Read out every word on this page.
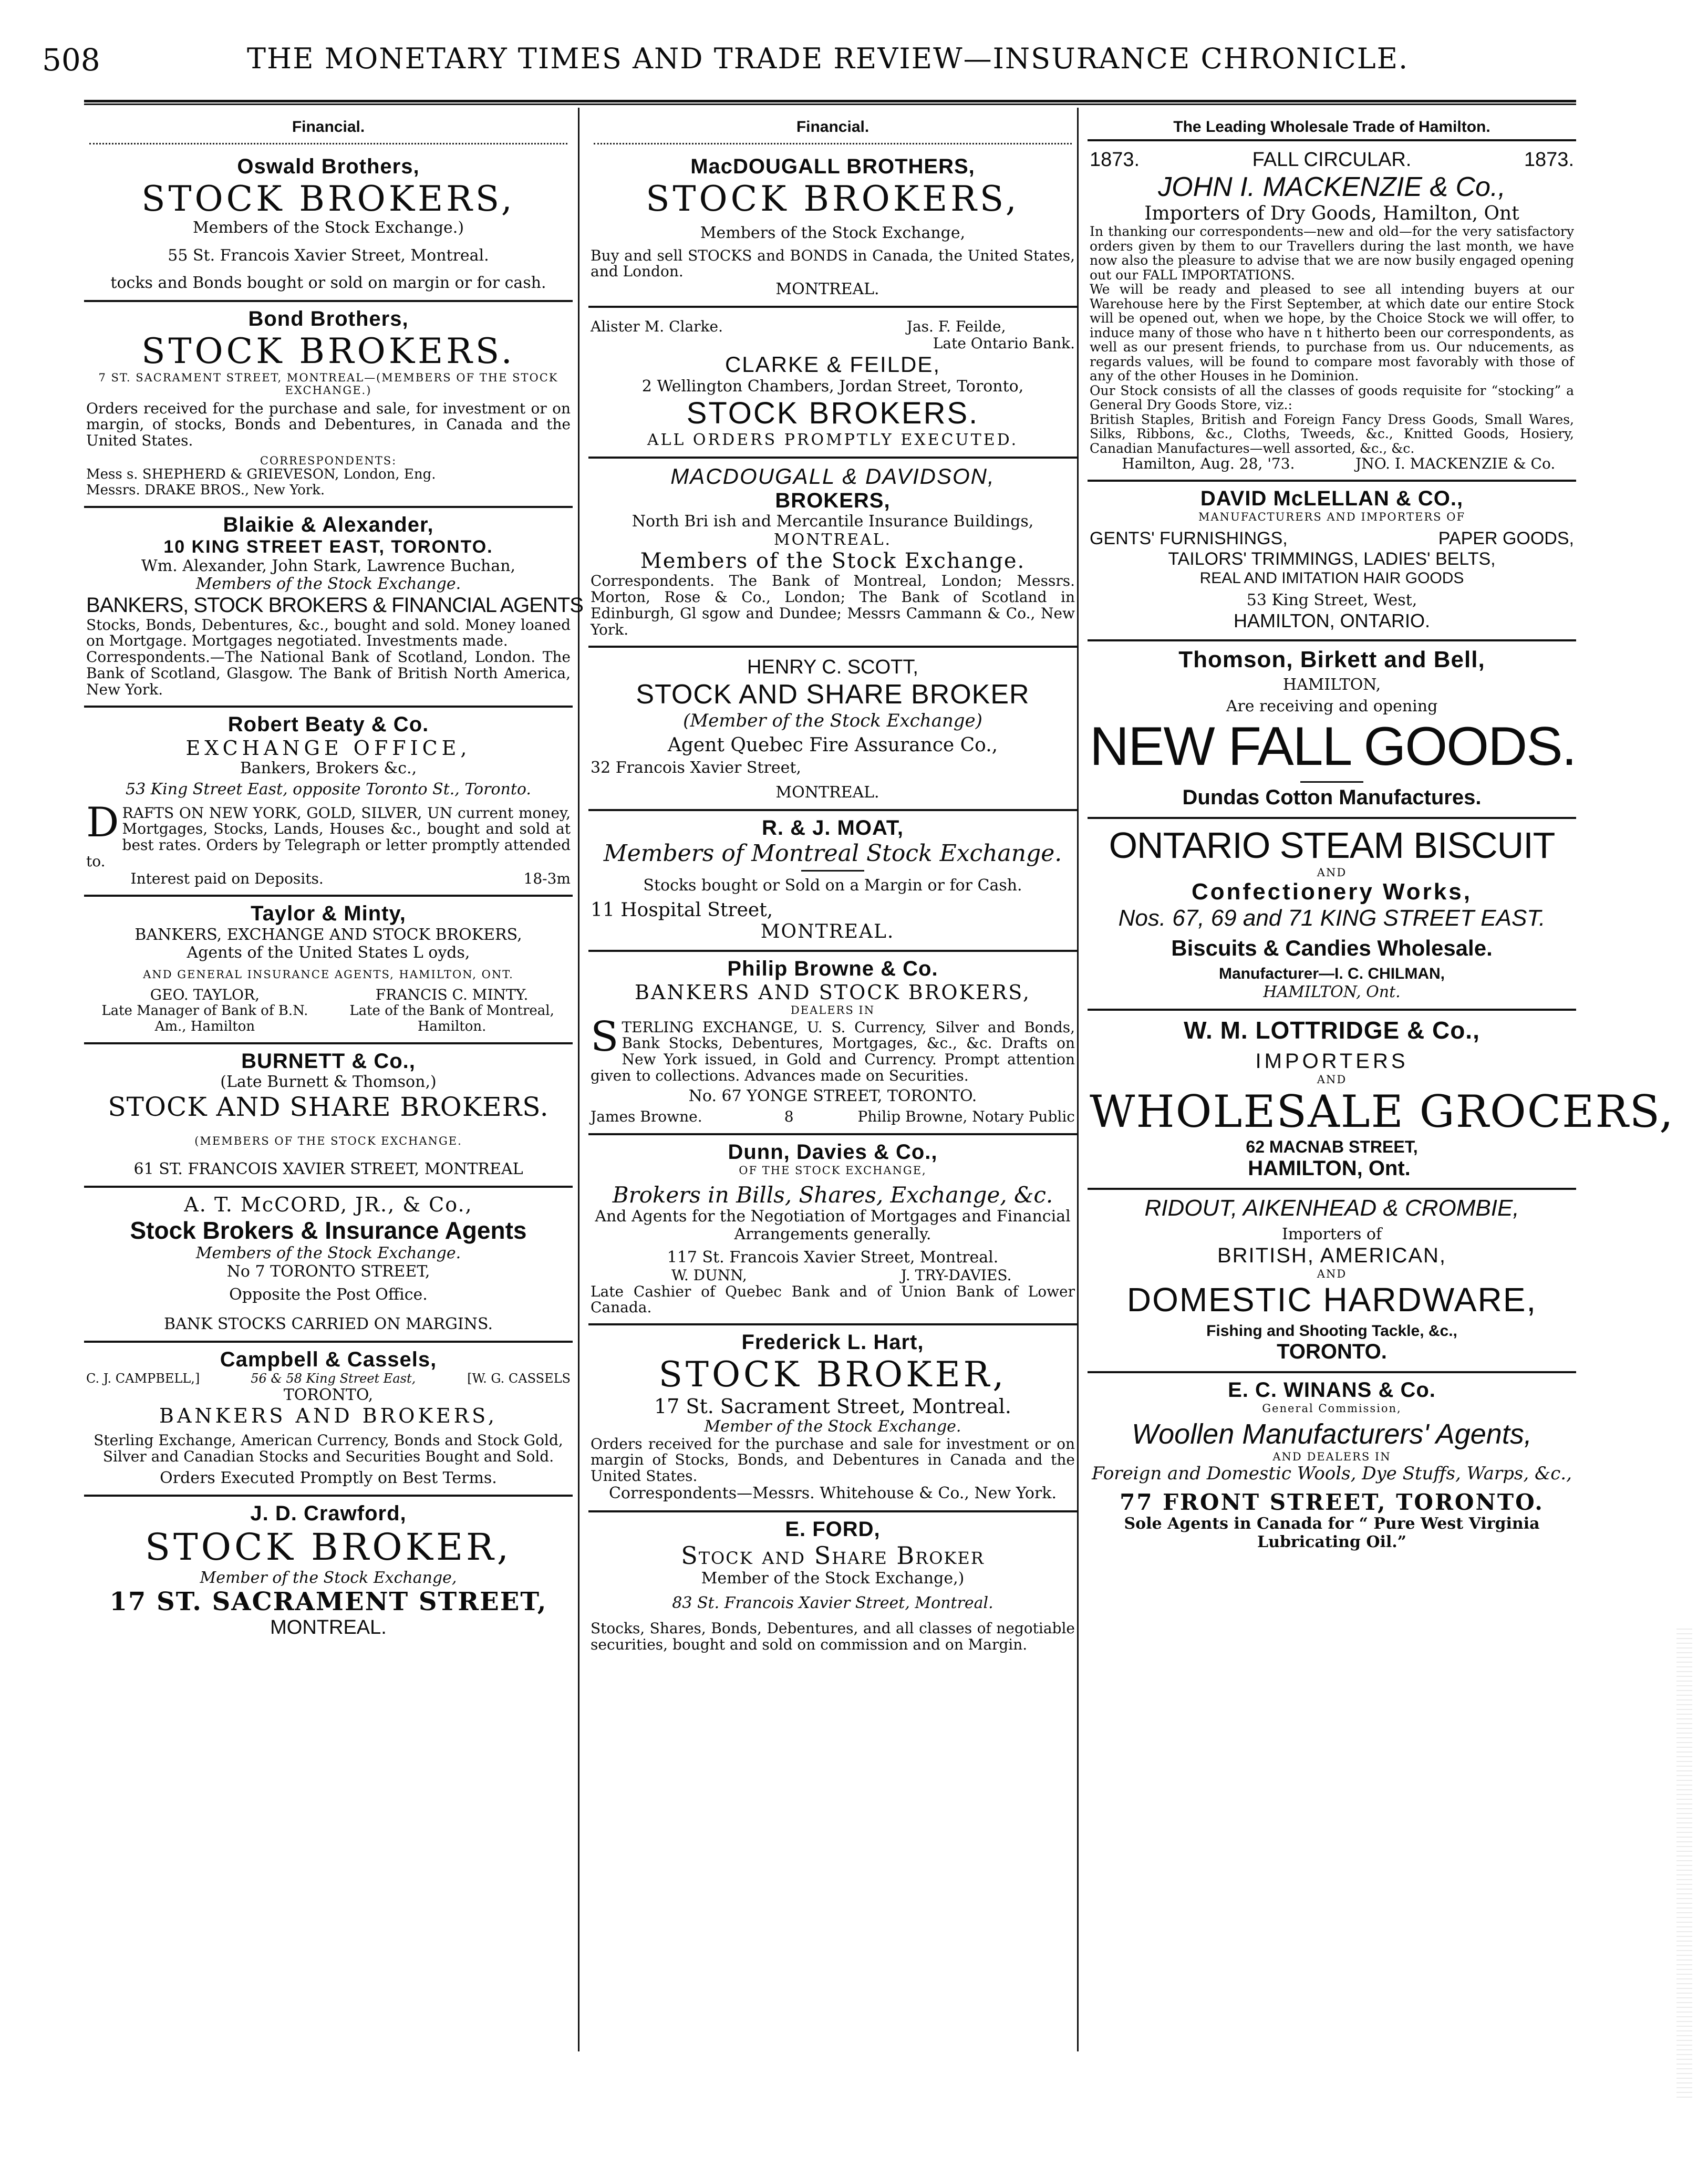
508	THE MONETARY TIMES AND TRADE REVIEW—INSURANCE CHRONICLE.
Financial.
Oswald Brothers,
STOCK BROKERS,
Members of the Stock Exchange.)
55 St. Francois Xavier Street, Montreal.
tocks and Bonds bought or sold on margin or for cash.
Bond Brothers,
STOCK BROKERS.
7 ST. SACRAMENT STREET, MONTREAL—(MEMBERS OF THE STOCK EXCHANGE.)
Orders received for the purchase and sale, for investment or on margin, of stocks, Bonds and Debentures, in Canada and the United States.
CORRESPONDENTS:
Mess s. SHEPHERD & GRIEVESON, London, Eng.
Messrs. DRAKE BROS., New York.
Blaikie & Alexander,
10 KING STREET EAST, TORONTO.
Wm. Alexander, John Stark, Lawrence Buchan,
Members of the Stock Exchange.
BANKERS, STOCK BROKERS & FINANCIAL AGENTS
Stocks, Bonds, Debentures, &c., bought and sold. Money loaned on Mortgage. Mortgages negotiated. Investments made.
Correspondents.—The National Bank of Scotland, London. The Bank of Scotland, Glasgow. The Bank of British North America, New York.
Robert Beaty & Co.
EXCHANGE OFFICE,
Bankers, Brokers &c.,
53 King Street East, opposite Toronto St., Toronto.
D RAFTS ON NEW YORK, GOLD, SILVER, UN current money, Mortgages, Stocks, Lands, Houses &c., bought and sold at best rates. Orders by Telegraph or letter promptly attended to.
Interest paid on Deposits.	18-3m
Taylor & Minty,
BANKERS, EXCHANGE AND STOCK BROKERS,
Agents of the United States L oyds,
AND GENERAL INSURANCE AGENTS, HAMILTON, ONT.
GEO. TAYLOR,
Late Manager of Bank of B.N. Am., Hamilton
FRANCIS C. MINTY.
Late of the Bank of Montreal, Hamilton.
BURNETT & Co.,
(Late Burnett & Thomson,)
STOCK AND SHARE BROKERS.
(MEMBERS OF THE STOCK EXCHANGE.
61 ST. FRANCOIS XAVIER STREET, MONTREAL
A. T. McCORD, JR., & Co.,
Stock Brokers & Insurance Agents
Members of the Stock Exchange.
No 7 TORONTO STREET,
Opposite the Post Office.
BANK STOCKS CARRIED ON MARGINS.
Campbell & Cassels,
C. J. CAMPBELL,]	56 & 58 King Street East,	[W. G. CASSELS
TORONTO,
BANKERS AND BROKERS,
Sterling Exchange, American Currency, Bonds and Stock Gold, Silver and Canadian Stocks and Securities Bought and Sold.
Orders Executed Promptly on Best Terms.
J. D. Crawford,
STOCK BROKER,
Member of the Stock Exchange,
17 ST. SACRAMENT STREET,
MONTREAL.
Financial.
MacDOUGALL BROTHERS,
STOCK BROKERS,
Members of the Stock Exchange,
Buy and sell STOCKS and BONDS in Canada, the United States, and London.
MONTREAL.
Alister M. Clarke.	Jas. F. Feilde,
Late Ontario Bank.
CLARKE & FEILDE,
2 Wellington Chambers, Jordan Street, Toronto,
STOCK BROKERS.
ALL ORDERS PROMPTLY EXECUTED.
MACDOUGALL & DAVIDSON,
BROKERS,
North Bri ish and Mercantile Insurance Buildings,
MONTREAL.
Members of the Stock Exchange.
Correspondents. The Bank of Montreal, London; Messrs. Morton, Rose & Co., London; The Bank of Scotland in Edinburgh, Gl sgow and Dundee; Messrs Cammann & Co., New York.
HENRY C. SCOTT,
STOCK AND SHARE BROKER
(Member of the Stock Exchange)
Agent Quebec Fire Assurance Co.,
32 Francois Xavier Street,
MONTREAL.
R. & J. MOAT,
Members of Montreal Stock Exchange.
Stocks bought or Sold on a Margin or for Cash.
11 Hospital Street,
MONTREAL.
Philip Browne & Co.
BANKERS AND STOCK BROKERS,
DEALERS IN
S TERLING EXCHANGE, U. S. Currency, Silver and Bonds, Bank Stocks, Debentures, Mortgages, &c., &c. Drafts on New York issued, in Gold and Currency. Prompt attention given to collections. Advances made on Securities.
No. 67 YONGE STREET, TORONTO.
James Browne.	8	Philip Browne, Notary Public
Dunn, Davies & Co.,
OF THE STOCK EXCHANGE,
Brokers in Bills, Shares, Exchange, &c.
And Agents for the Negotiation of Mortgages and Financial Arrangements generally.
117 St. Francois Xavier Street, Montreal.
W. DUNN,	J. TRY-DAVIES.
Late Cashier of Quebec Bank and of Union Bank of Lower Canada.
Frederick L. Hart,
STOCK BROKER,
17 St. Sacrament Street, Montreal.
Member of the Stock Exchange.
Orders received for the purchase and sale for investment or on margin of Stocks, Bonds, and Debentures in Canada and the United States.
Correspondents—Messrs. Whitehouse & Co., New York.
E. FORD,
Stock and Share Broker
Member of the Stock Exchange,)
83 St. Francois Xavier Street, Montreal.
Stocks, Shares, Bonds, Debentures, and all classes of negotiable securities, bought and sold on commission and on Margin.
The Leading Wholesale Trade of Hamilton.
1873.	FALL CIRCULAR.	1873.
JOHN I. MACKENZIE & Co.,
Importers of Dry Goods, Hamilton, Ont
In thanking our correspondents—new and old—for the very satisfactory orders given by them to our Travellers during the last month, we have now also the pleasure to advise that we are now busily engaged opening out our FALL IMPORTATIONS.
We will be ready and pleased to see all intending buyers at our Warehouse here by the First September, at which date our entire Stock will be opened out, when we hope, by the Choice Stock we will offer, to induce many of those who have n t hitherto been our correspondents, as well as our present friends, to purchase from us. Our nducements, as regards values, will be found to compare most favorably with those of any of the other Houses in he Dominion.
Our Stock consists of all the classes of goods requisite for “stocking” a General Dry Goods Store, viz.:
British Staples, British and Foreign Fancy Dress Goods, Small Wares, Silks, Ribbons, &c., Cloths, Tweeds, &c., Knitted Goods, Hosiery, Canadian Manufactures—well assorted, &c., &c.
Hamilton, Aug. 28, '73.	JNO. I. MACKENZIE & Co.
DAVID McLELLAN & CO.,
MANUFACTURERS AND IMPORTERS OF
GENTS' FURNISHINGS,	PAPER GOODS,
TAILORS' TRIMMINGS, LADIES' BELTS,
REAL AND IMITATION HAIR GOODS
53 King Street, West,
HAMILTON, ONTARIO.
Thomson, Birkett and Bell,
HAMILTON,
Are receiving and opening
NEW FALL GOODS.
Dundas Cotton Manufactures.
ONTARIO STEAM BISCUIT
AND
Confectionery Works,
Nos. 67, 69 and 71 KING STREET EAST.
Biscuits & Candies Wholesale.
Manufacturer—I. C. CHILMAN,
HAMILTON, Ont.
W. M. LOTTRIDGE & Co.,
IMPORTERS
AND
WHOLESALE GROCERS,
62 MACNAB STREET,
HAMILTON, Ont.
RIDOUT, AIKENHEAD & CROMBIE,
Importers of
BRITISH, AMERICAN,
AND
DOMESTIC HARDWARE,
Fishing and Shooting Tackle, &c.,
TORONTO.
E. C. WINANS & Co.
General Commission,
Woollen Manufacturers' Agents,
AND DEALERS IN
Foreign and Domestic Wools, Dye Stuffs, Warps, &c.,
77 FRONT STREET, TORONTO.
Sole Agents in Canada for “ Pure West Virginia Lubricating Oil.”
